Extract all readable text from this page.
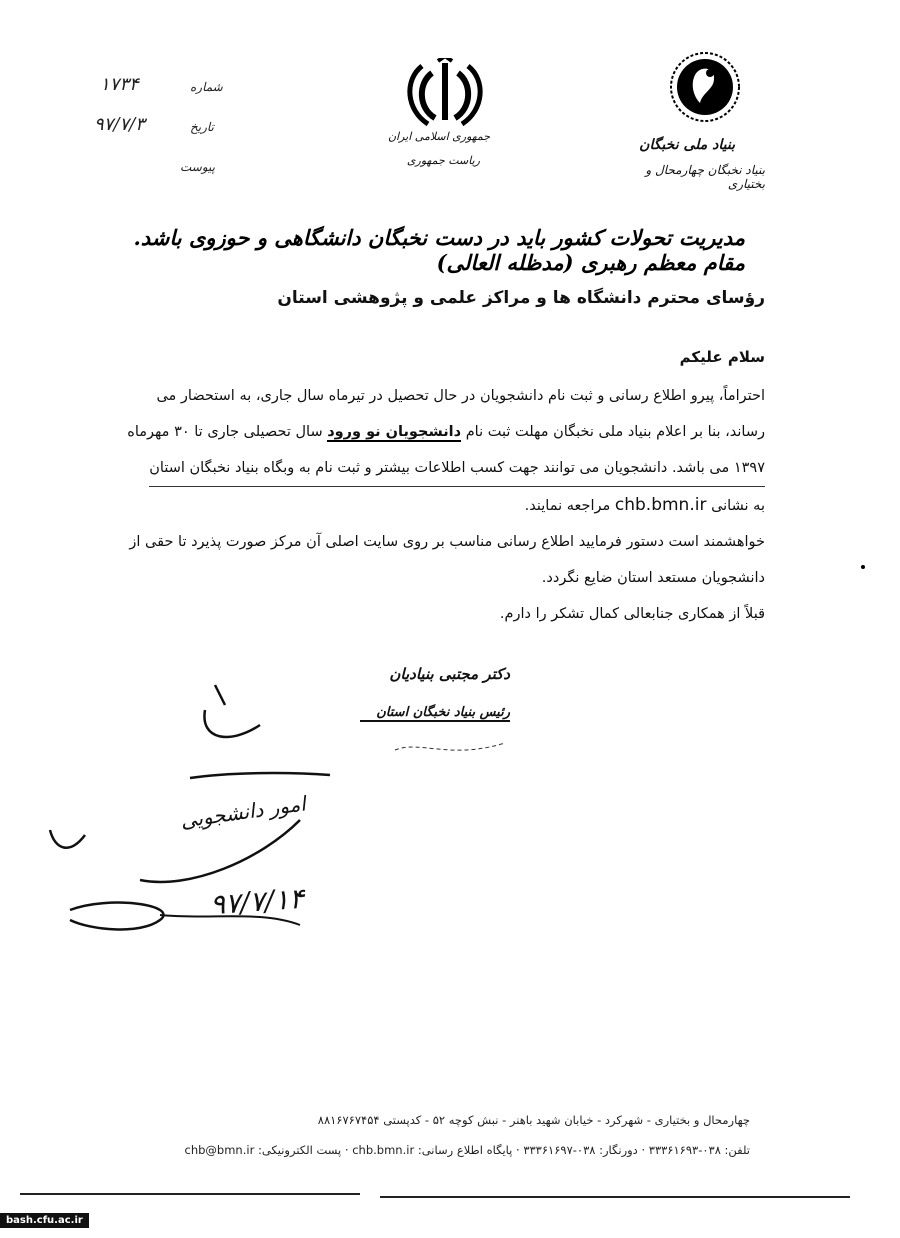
۱۷۳۴	شماره
۹۷/۷/۳	تاریخ
پیوست
جمهوری اسلامی ایران
ریاست جمهوری
بنیاد ملی نخبگان
بنیاد نخبگان چهارمحال و بختیاری
مدیریت تحولات کشور باید در دست نخبگان دانشگاهی و حوزوی باشد. مقام معظم رهبری (مدظله العالی)
رؤسای محترم دانشگاه ها و مراکز علمی و پژوهشی استان
سلام علیکم
احتراماً، پیرو اطلاع رسانی و ثبت نام دانشجویان در حال تحصیل در تیرماه سال جاری، به استحضار می
رساند، بنا بر اعلام بنیاد ملی نخبگان مهلت ثبت نام دانشجویان نو ورود سال تحصیلی جاری تا ۳۰ مهرماه
۱۳۹۷ می باشد. دانشجویان می توانند جهت کسب اطلاعات بیشتر و ثبت نام به وبگاه بنیاد نخبگان استان
به نشانی chb.bmn.ir مراجعه نمایند.
خواهشمند است دستور فرمایید اطلاع رسانی مناسب بر روی سایت اصلی آن مرکز صورت پذیرد تا حقی از
دانشجویان مستعد استان ضایع نگردد.
قبلاً از همکاری جنابعالی کمال تشکر را دارم.
دکتر مجتبی بنیادیان
رئیس بنیاد نخبگان استان
امور دانشجویی
۹۷/۷/۱۴
چهارمحال و بختیاری - شهرکرد - خیابان شهید باهنر - نبش کوچه ۵۲ - کدپستی ۸۸۱۶۷۶۷۴۵۴
تلفن: ۰۳۸-۳۳۳۶۱۶۹۳ · دورنگار: ۰۳۸-۳۳۳۶۱۶۹۷ · پایگاه اطلاع رسانی: chb.bmn.ir · پست الکترونیکی: chb@bmn.ir
bash.cfu.ac.ir
